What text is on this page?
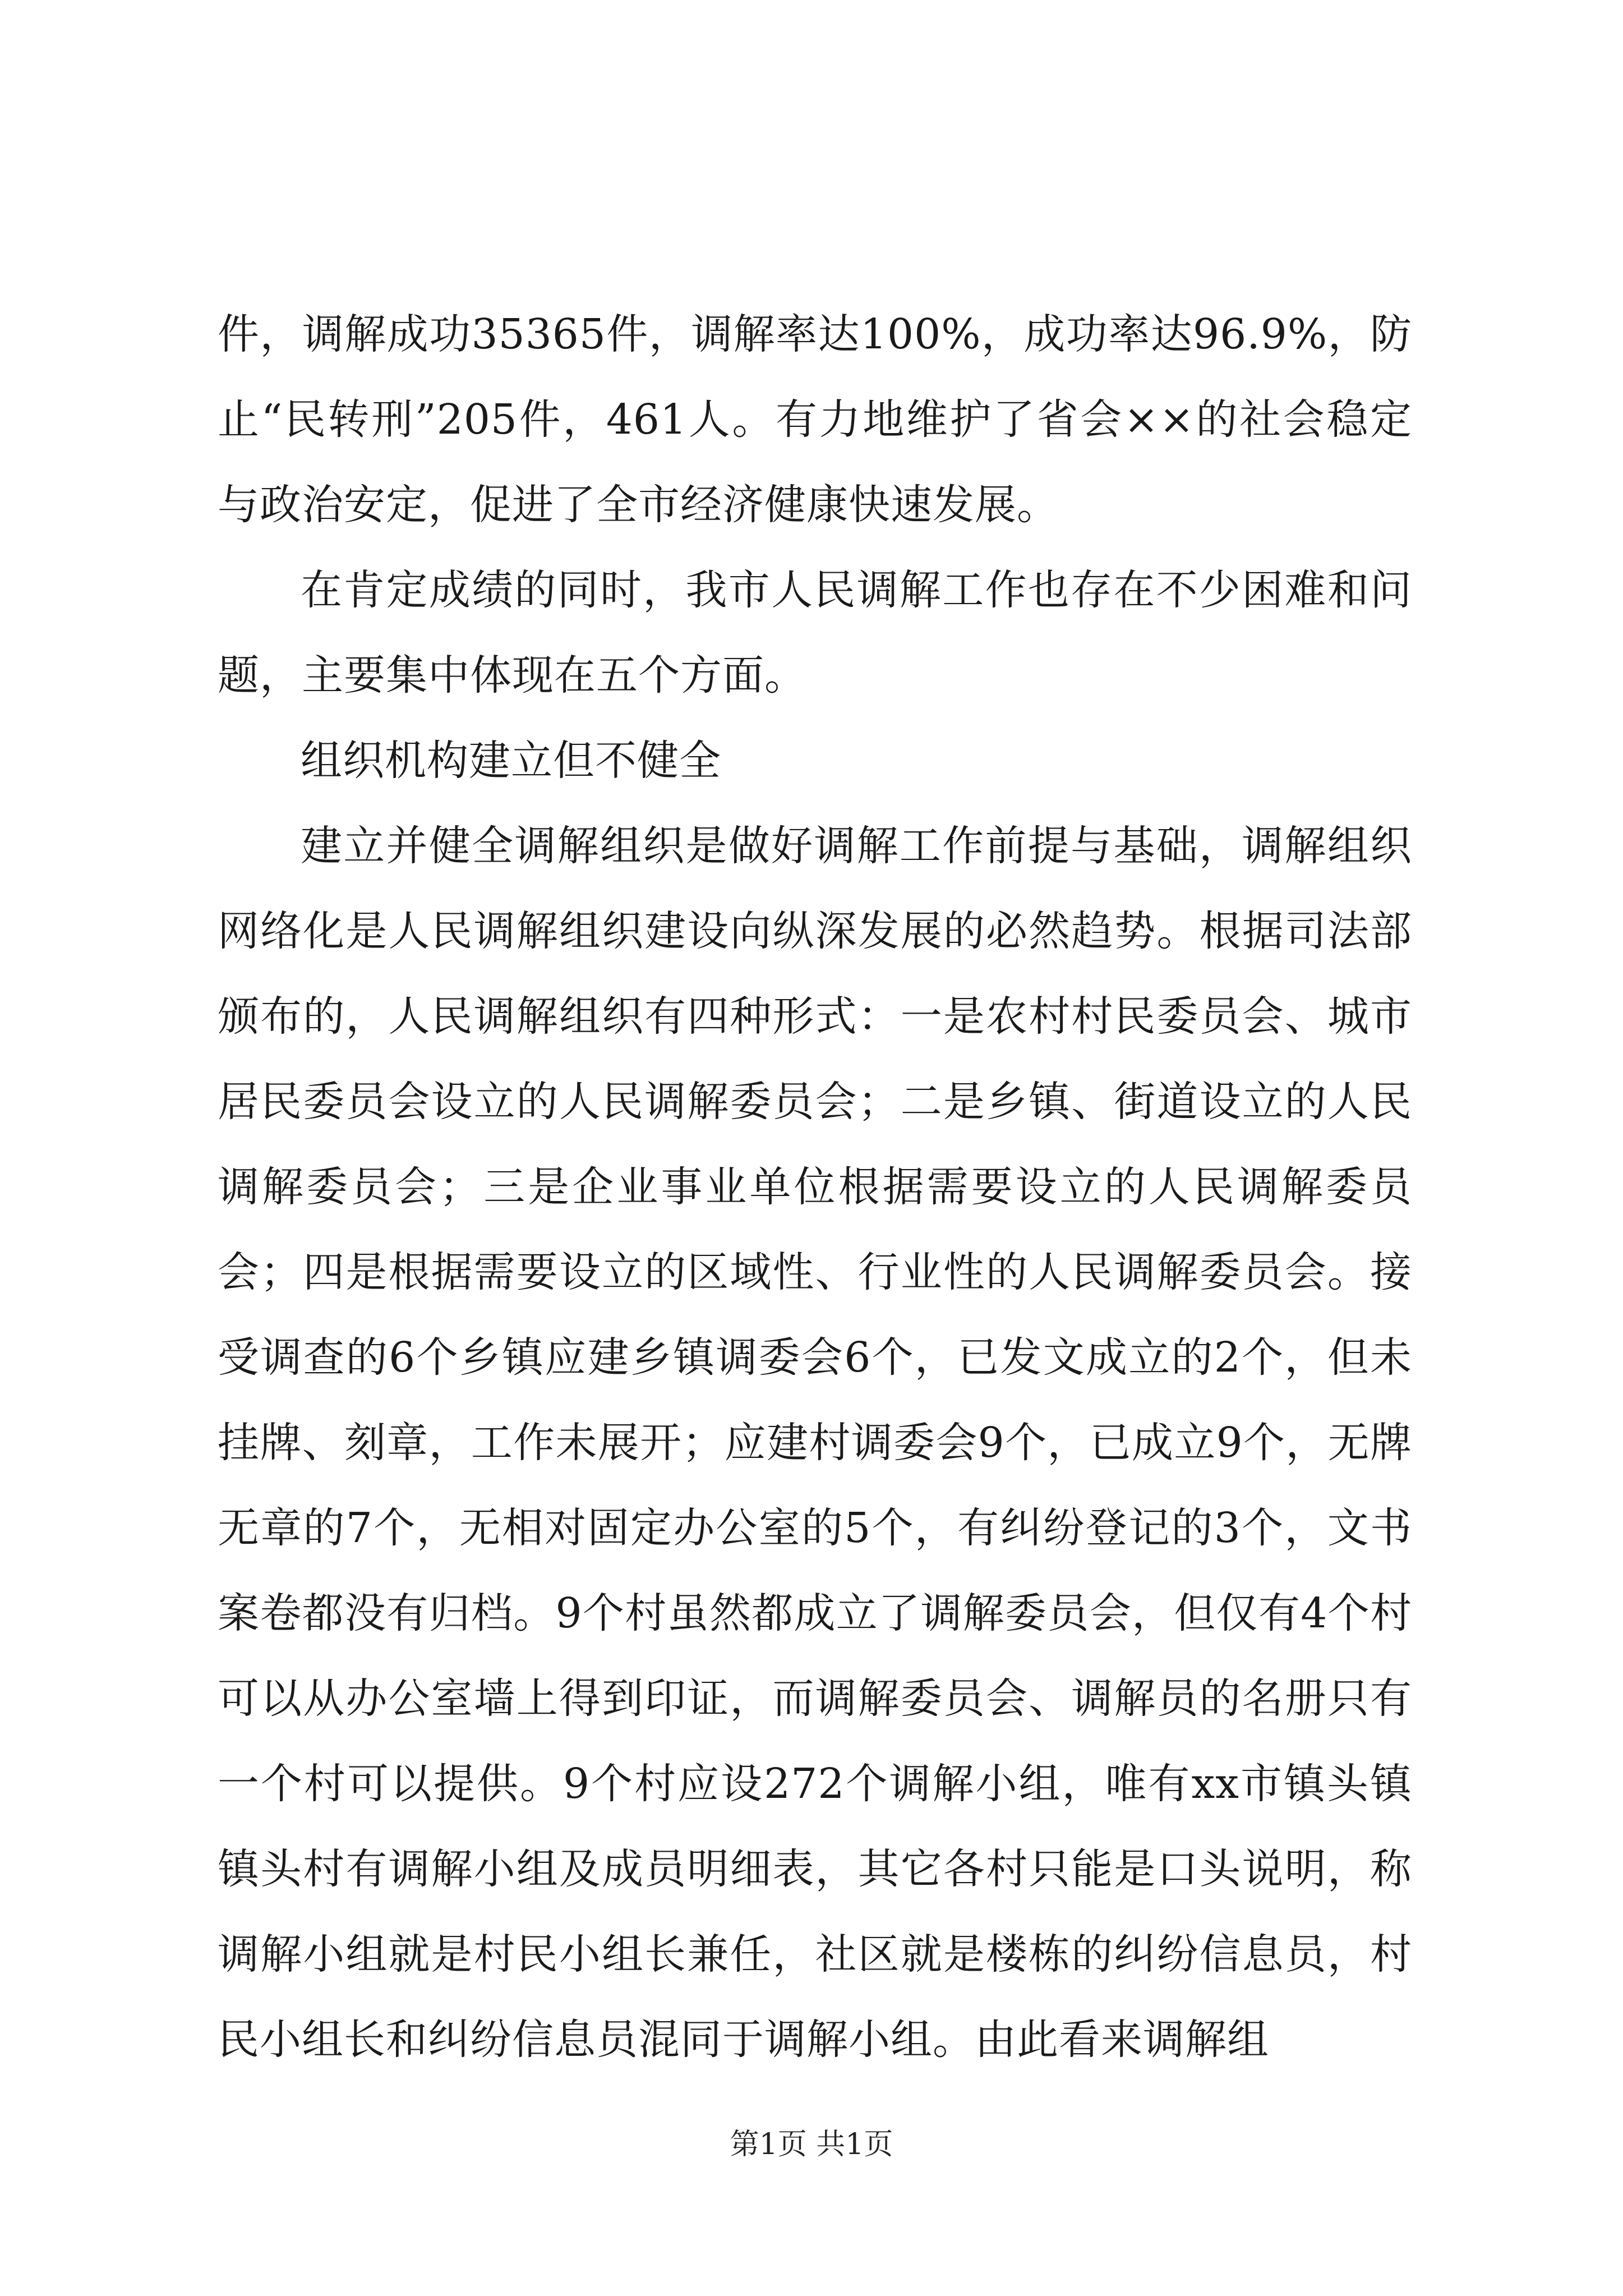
件，调解成功35365件，调解率达100%，成功率达96.9%，防止“民转刑”205件，461人。有力地维护了省会××的社会稳定与政治安定，促进了全市经济健康快速发展。

在肯定成绩的同时，我市人民调解工作也存在不少困难和问题，主要集中体现在五个方面。

组织机构建立但不健全

建立并健全调解组织是做好调解工作前提与基础，调解组织网络化是人民调解组织建设向纵深发展的必然趋势。根据司法部颁布的，人民调解组织有四种形式：一是农村村民委员会、城市居民委员会设立的人民调解委员会；二是乡镇、街道设立的人民调解委员会；三是企业事业单位根据需要设立的人民调解委员会；四是根据需要设立的区域性、行业性的人民调解委员会。接受调查的6个乡镇应建乡镇调委会6个，已发文成立的2个，但未挂牌、刻章，工作未展开；应建村调委会9个，已成立9个，无牌无章的7个，无相对固定办公室的5个，有纠纷登记的3个，文书案卷都没有归档。9个村虽然都成立了调解委员会，但仅有4个村可以从办公室墙上得到印证，而调解委员会、调解员的名册只有一个村可以提供。9个村应设272个调解小组，唯有xx市镇头镇镇头村有调解小组及成员明细表，其它各村只能是口头说明，称调解小组就是村民小组长兼任，社区就是楼栋的纠纷信息员，村民小组长和纠纷信息员混同于调解小组。由此看来调解组

第1页 共1页
